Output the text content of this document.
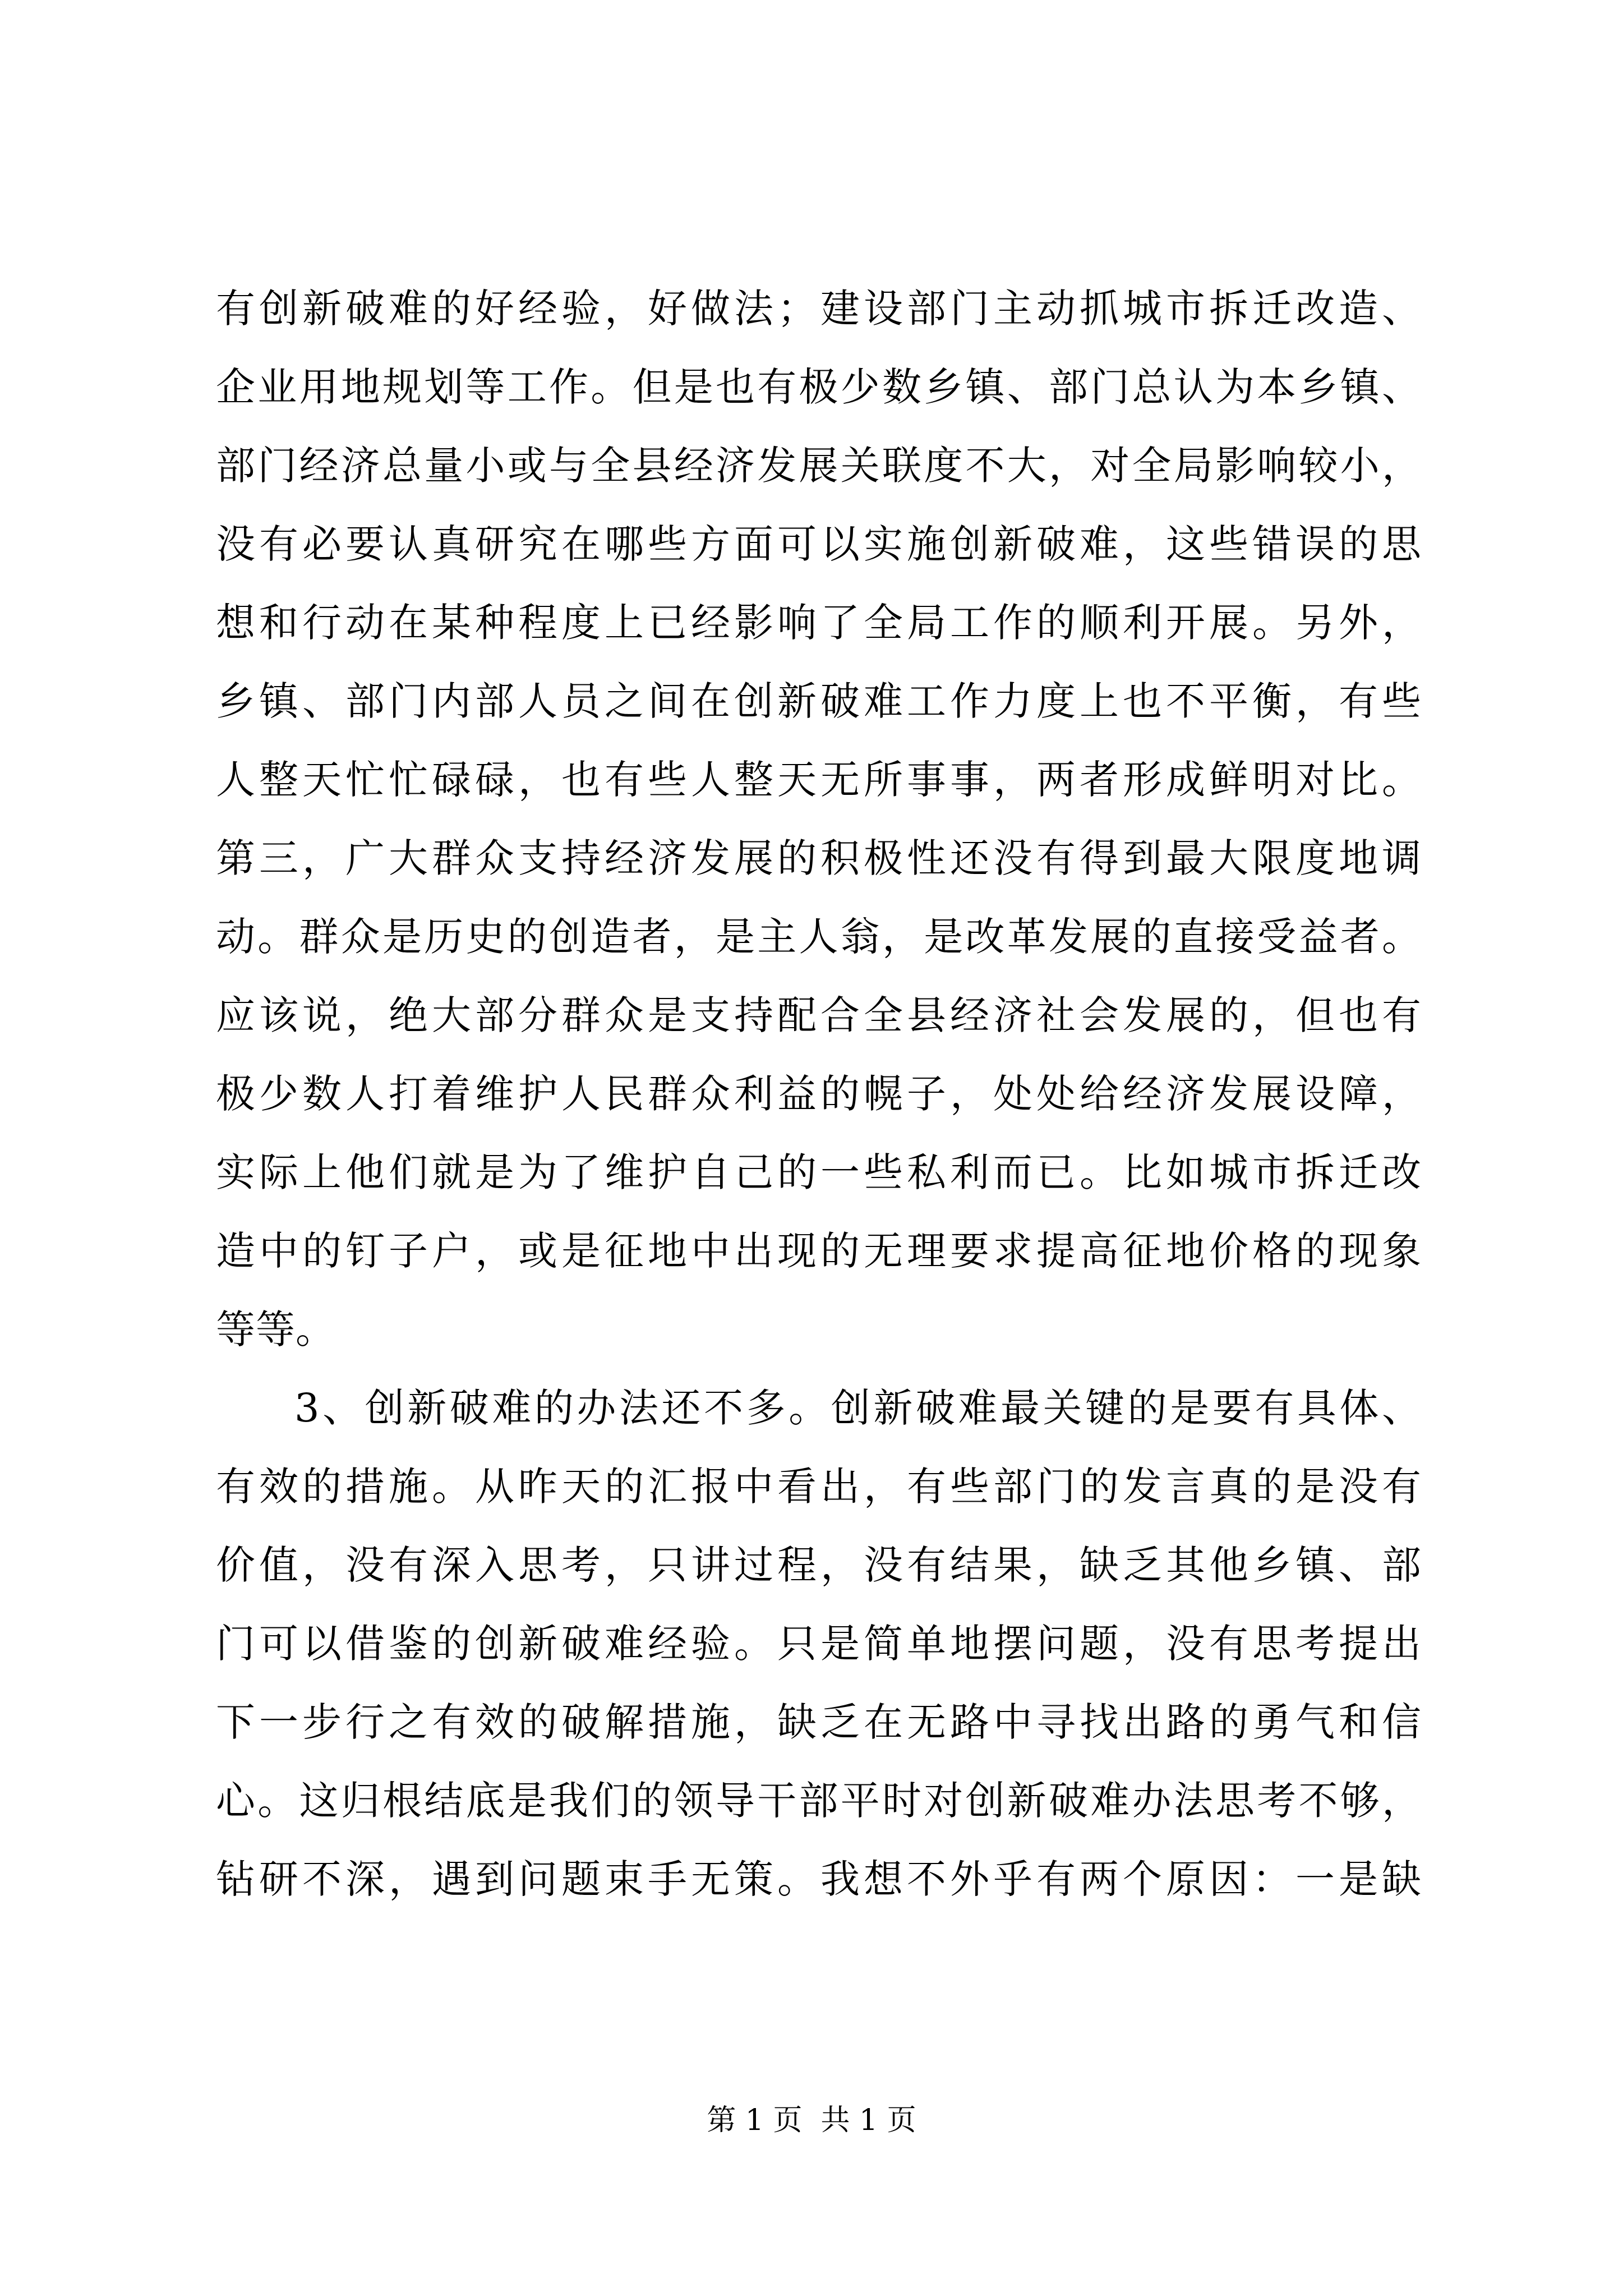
有创新破难的好经验，好做法；建设部门主动抓城市拆迁改造、
企业用地规划等工作。但是也有极少数乡镇、部门总认为本乡镇、
部门经济总量小或与全县经济发展关联度不大，对全局影响较小，
没有必要认真研究在哪些方面可以实施创新破难，这些错误的思
想和行动在某种程度上已经影响了全局工作的顺利开展。另外，
乡镇、部门内部人员之间在创新破难工作力度上也不平衡，有些
人整天忙忙碌碌，也有些人整天无所事事，两者形成鲜明对比。
第三，广大群众支持经济发展的积极性还没有得到最大限度地调
动。群众是历史的创造者，是主人翁，是改革发展的直接受益者。
应该说，绝大部分群众是支持配合全县经济社会发展的，但也有
极少数人打着维护人民群众利益的幌子，处处给经济发展设障，
实际上他们就是为了维护自己的一些私利而已。比如城市拆迁改
造中的钉子户，或是征地中出现的无理要求提高征地价格的现象
等等。
3、创新破难的办法还不多。创新破难最关键的是要有具体、
有效的措施。从昨天的汇报中看出，有些部门的发言真的是没有
价值，没有深入思考，只讲过程，没有结果，缺乏其他乡镇、部
门可以借鉴的创新破难经验。只是简单地摆问题，没有思考提出
下一步行之有效的破解措施，缺乏在无路中寻找出路的勇气和信
心。这归根结底是我们的领导干部平时对创新破难办法思考不够，
钻研不深，遇到问题束手无策。我想不外乎有两个原因：一是缺
第 1 页  共 1 页
